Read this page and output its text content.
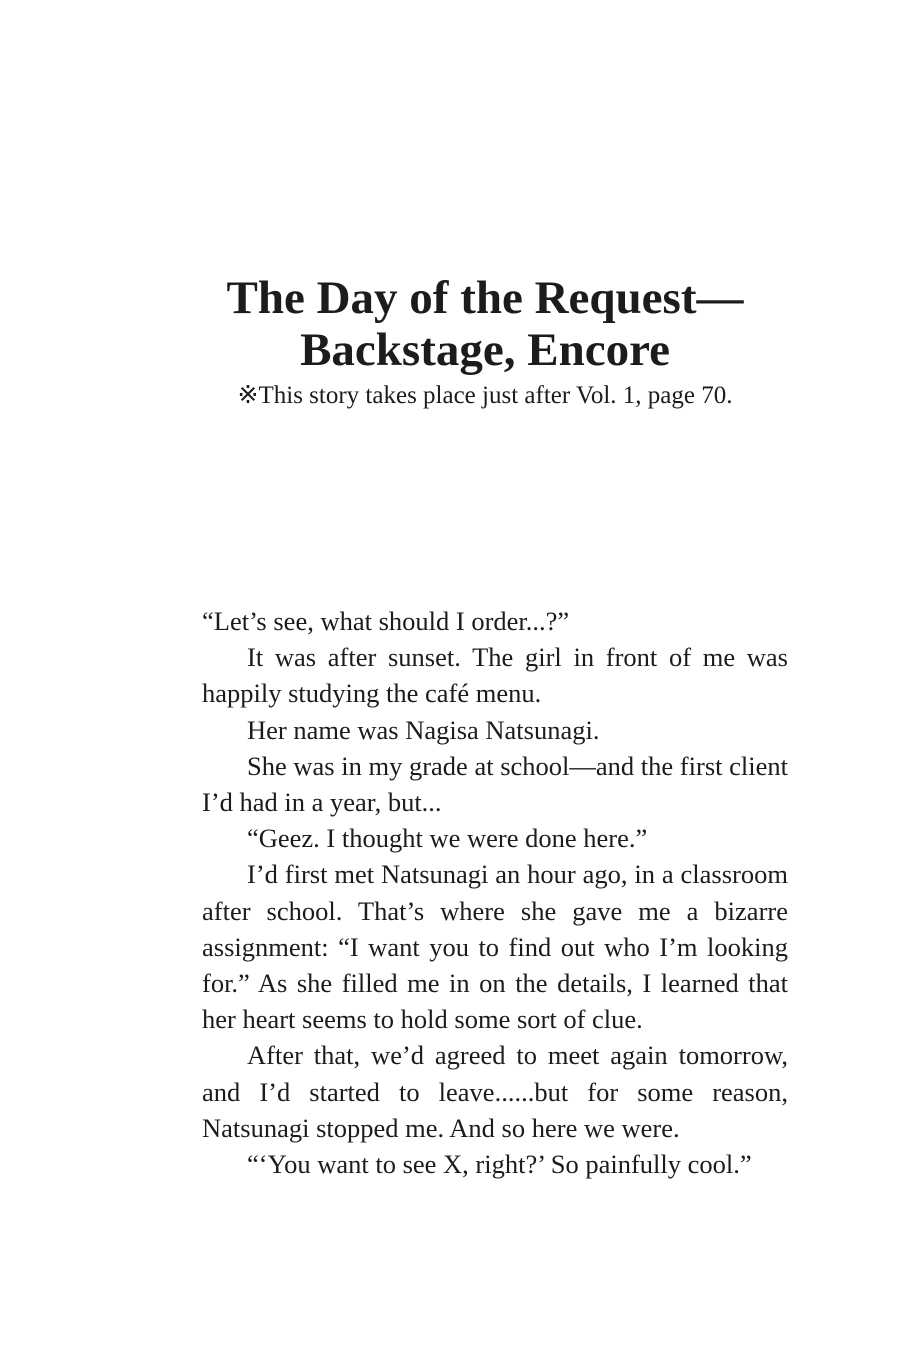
The Day of the Request—
Backstage, Encore

※This story takes place just after Vol. 1, page 70.

“Let’s see, what should I order...?”

It was after sunset. The girl in front of me was happily studying the café menu.

Her name was Nagisa Natsunagi.

She was in my grade at school—and the first client I’d had in a year, but...

“Geez. I thought we were done here.”

I’d first met Natsunagi an hour ago, in a classroom after school. That’s where she gave me a bizarre assignment: “I want you to find out who I’m looking for.” As she filled me in on the details, I learned that her heart seems to hold some sort of clue.

After that, we’d agreed to meet again tomorrow, and I’d started to leave......but for some reason, Natsunagi stopped me. And so here we were.

“‘You want to see X, right?’ So painfully cool.”
